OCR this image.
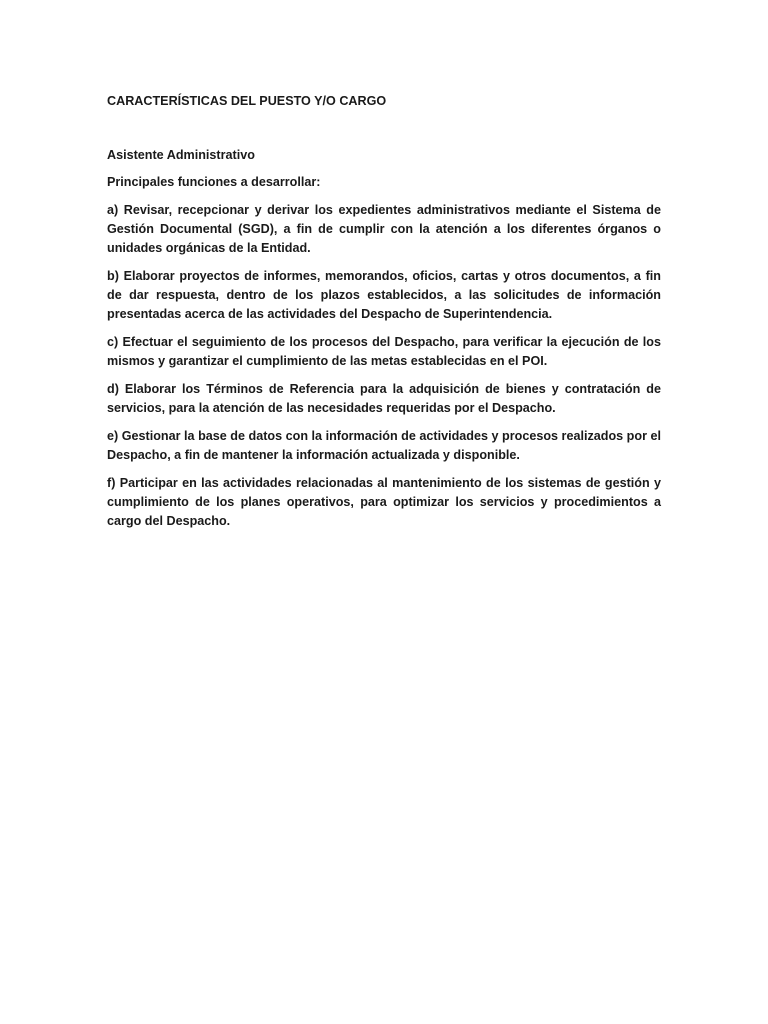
CARACTERÍSTICAS DEL PUESTO Y/O CARGO

Asistente Administrativo

Principales funciones a desarrollar:

a) Revisar, recepcionar y derivar los expedientes administrativos mediante el Sistema de Gestión Documental (SGD), a fin de cumplir con la atención a los diferentes órganos o unidades orgánicas de la Entidad.
b) Elaborar proyectos de informes, memorandos, oficios, cartas y otros documentos, a fin de dar respuesta, dentro de los plazos establecidos, a las solicitudes de información presentadas acerca de las actividades del Despacho de Superintendencia.
c) Efectuar el seguimiento de los procesos del Despacho, para verificar la ejecución de los mismos y garantizar el cumplimiento de las metas establecidas en el POI.
d) Elaborar los Términos de Referencia para la adquisición de bienes y contratación de servicios, para la atención de las necesidades requeridas por el Despacho.
e) Gestionar la base de datos con la información de actividades y procesos realizados por el Despacho, a fin de mantener la información actualizada y disponible.
f) Participar en las actividades relacionadas al mantenimiento de los sistemas de gestión y cumplimiento de los planes operativos, para optimizar los servicios y procedimientos a cargo del Despacho.
